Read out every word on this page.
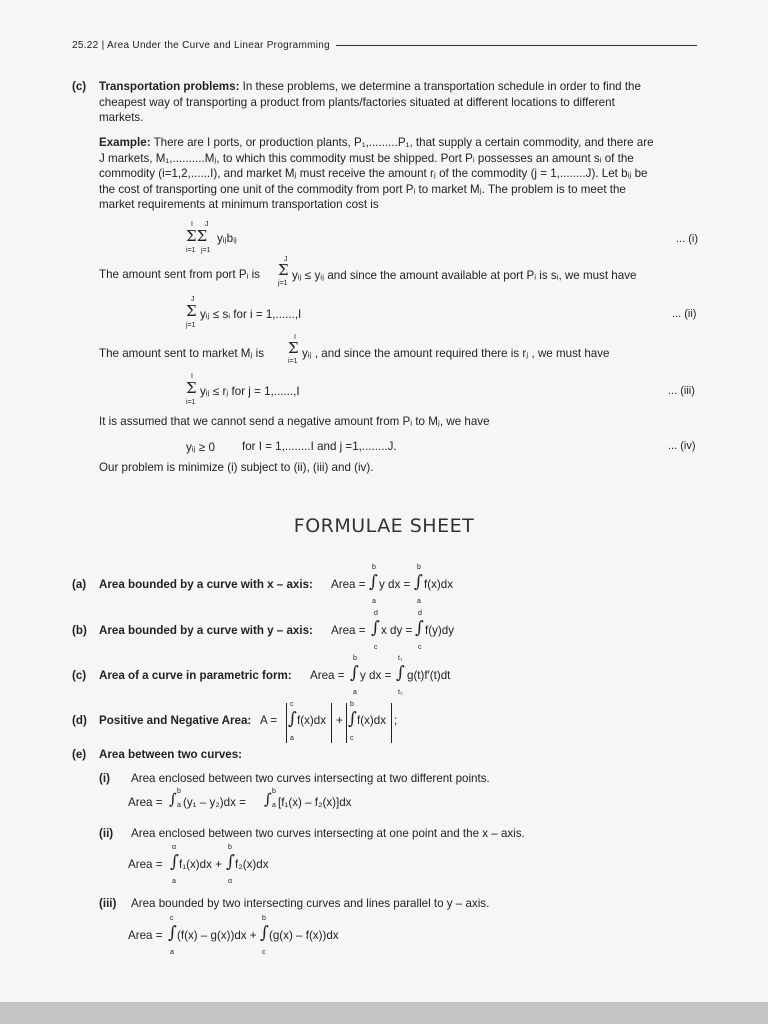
25.22 | Area Under the Curve and Linear Programming
(c) Transportation problems: In these problems, we determine a transportation schedule in order to find the
cheapest way of transporting a product from plants/factories situated at different locations to different
markets.
Example: There are I ports, or production plants, P₁,.........P₁, that supply a certain commodity, and there are
J markets, M₁,..........Mⱼ, to which this commodity must be shipped. Port Pᵢ possesses an amount sᵢ of the
commodity (i=1,2,......I), and market Mⱼ must receive the amount rⱼ of the commodity (j = 1,........J). Let bᵢⱼ be
the cost of transporting one unit of the commodity from port Pᵢ to market Mⱼ. The problem is to meet the
market requirements at minimum transportation cost is
I J
ΣΣ
i=1 j=1
yᵢⱼbᵢⱼ	... (i)
The amount sent from port Pᵢ is
J
Σ
j=1
yᵢⱼ ≤ yᵢⱼ and since the amount available at port Pᵢ is sᵢ, we must have
J
Σ
j=1
yᵢⱼ ≤ sᵢ for i = 1,......,I	... (ii)
The amount sent to market Mⱼ is
I
Σ
i=1
yᵢⱼ , and since the amount required there is rⱼ , we must have
I
Σ
i=1
yᵢⱼ ≤ rⱼ for j = 1,......,I	... (iii)
It is assumed that we cannot send a negative amount from Pᵢ to Mⱼ, we have
yᵢⱼ ≥ 0 for I = 1,........I and j =1,........J.	... (iv)
Our problem is minimize (i) subject to (ii), (iii) and (iv).
FORMULAE SHEET
(a) Area bounded by a curve with x – axis: Area =
b
∫
a
y dx =
b
∫
a
f(x)dx
(b) Area bounded by a curve with y – axis: Area =
d
∫
c
x dy =
d
∫
c
f(y)dy
(c) Area of a curve in parametric form: Area =
b
∫
a
y dx =
t₁
∫
t₂
g(t)f′(t)dt
(d) Positive and Negative Area: A =
c
∫
a
f(x)dx +
b
∫
c
f(x)dx ;
(e) Area between two curves:
(i) Area enclosed between two curves intersecting at two different points.
Area = ∫ b
a (y₁ – y₂)dx = ∫ b
a [f₁(x) – f₂(x)]dx
(ii) Area enclosed between two curves intersecting at one point and the x – axis.
Area =
α
∫
a
f₁(x)dx +
b
∫
α
f₂(x)dx
(iii) Area bounded by two intersecting curves and lines parallel to y – axis.
Area =
c
∫
a
(f(x) – g(x))dx +
b
∫
c
(g(x) – f(x))dx
